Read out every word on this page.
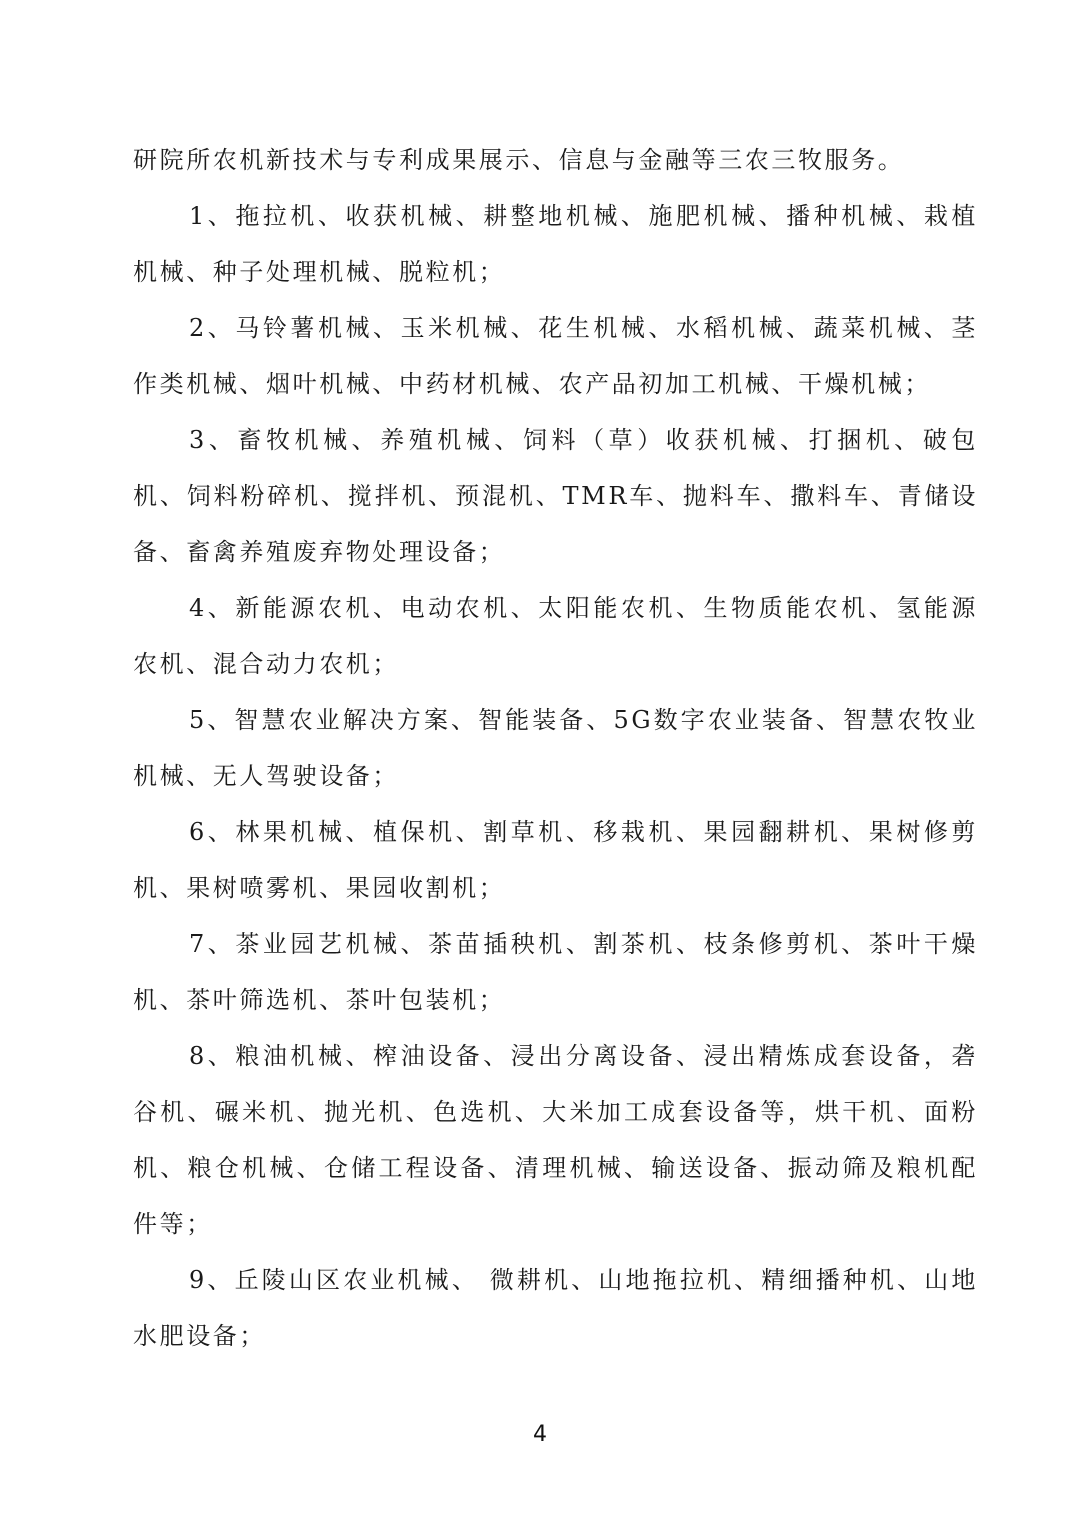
研院所农机新技术与专利成果展示、信息与金融等三农三牧服务。

1、拖拉机、收获机械、耕整地机械、施肥机械、播种机械、栽植机械、种子处理机械、脱粒机；

2、马铃薯机械、玉米机械、花生机械、水稻机械、蔬菜机械、茎作类机械、烟叶机械、中药材机械、农产品初加工机械、干燥机械；

3、畜牧机械、养殖机械、饲料（草）收获机械、打捆机、破包机、饲料粉碎机、搅拌机、预混机、TMR车、抛料车、撒料车、青储设备、畜禽养殖废弃物处理设备；

4、新能源农机、电动农机、太阳能农机、生物质能农机、氢能源农机、混合动力农机；

5、智慧农业解决方案、智能装备、5G数字农业装备、智慧农牧业机械、无人驾驶设备；

6、林果机械、植保机、割草机、移栽机、果园翻耕机、果树修剪机、果树喷雾机、果园收割机；

7、茶业园艺机械、茶苗插秧机、割茶机、枝条修剪机、茶叶干燥机、茶叶筛选机、茶叶包装机；

8、粮油机械、榨油设备、浸出分离设备、浸出精炼成套设备，砻谷机、碾米机、抛光机、色选机、大米加工成套设备等，烘干机、面粉机、粮仓机械、仓储工程设备、清理机械、输送设备、振动筛及粮机配件等；

9、丘陵山区农业机械、 微耕机、山地拖拉机、精细播种机、山地水肥设备；

4
